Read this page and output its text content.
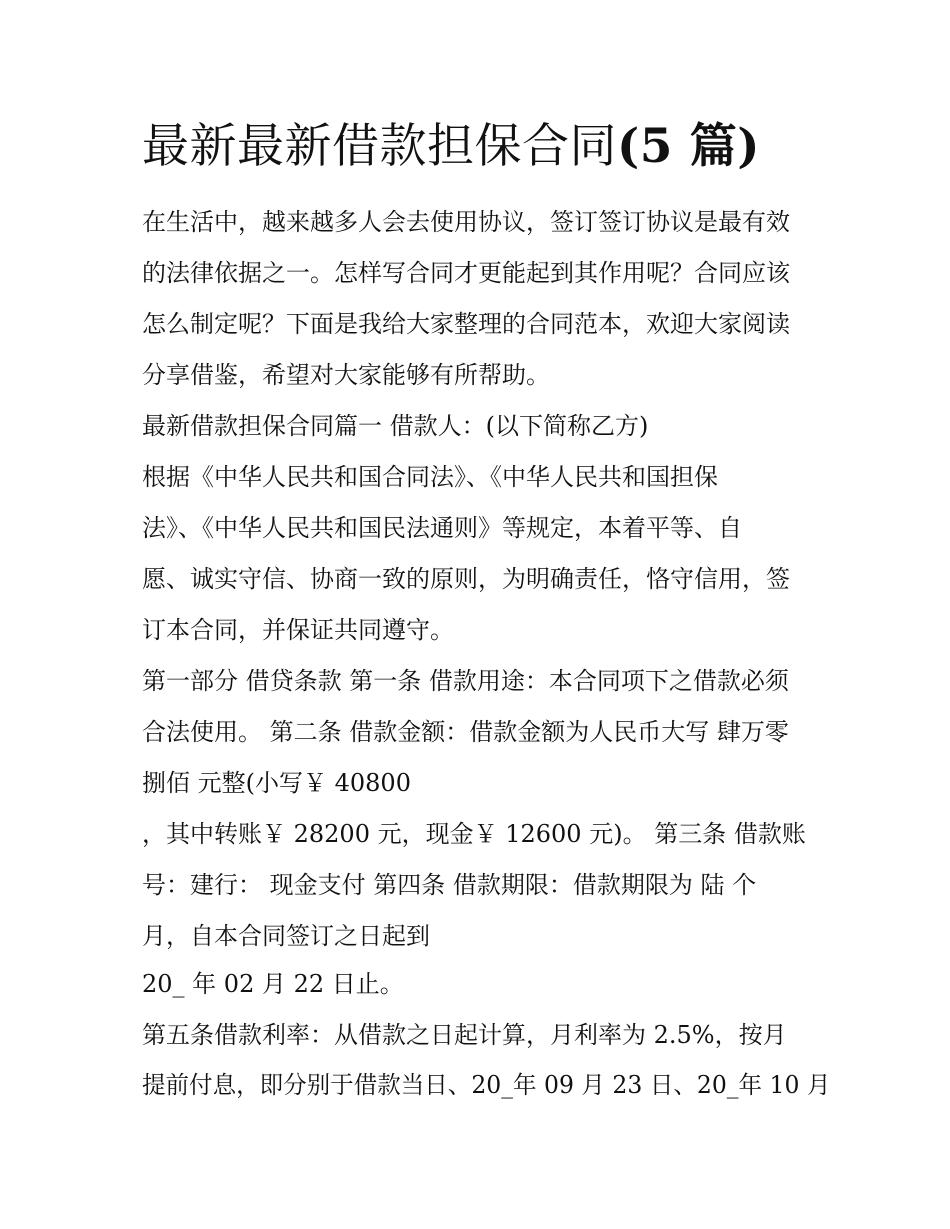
最新最新借款担保合同(5 篇)

在生活中，越来越多人会去使用协议，签订签订协议是最有效

的法律依据之一。怎样写合同才更能起到其作用呢？合同应该

怎么制定呢？下面是我给大家整理的合同范本，欢迎大家阅读

分享借鉴，希望对大家能够有所帮助。

最新借款担保合同篇一 借款人：(以下简称乙方)

根据《中华人民共和国合同法》、《中华人民共和国担保

法》、《中华人民共和国民法通则》等规定，本着平等、自

愿、诚实守信、协商一致的原则，为明确责任，恪守信用，签

订本合同，并保证共同遵守。

第一部分 借贷条款 第一条 借款用途：本合同项下之借款必须

合法使用。 第二条 借款金额：借款金额为人民币大写 肆万零

捌佰 元整(小写￥ 40800

，其中转账￥ 28200 元，现金￥ 12600 元)。 第三条 借款账

号：建行： 现金支付 第四条 借款期限：借款期限为 陆 个

月，自本合同签订之日起到

20_ 年 02 月 22 日止。

第五条借款利率：从借款之日起计算，月利率为 2.5%，按月

提前付息，即分别于借款当日、20_年 09 月 23 日、20_年 10 月
